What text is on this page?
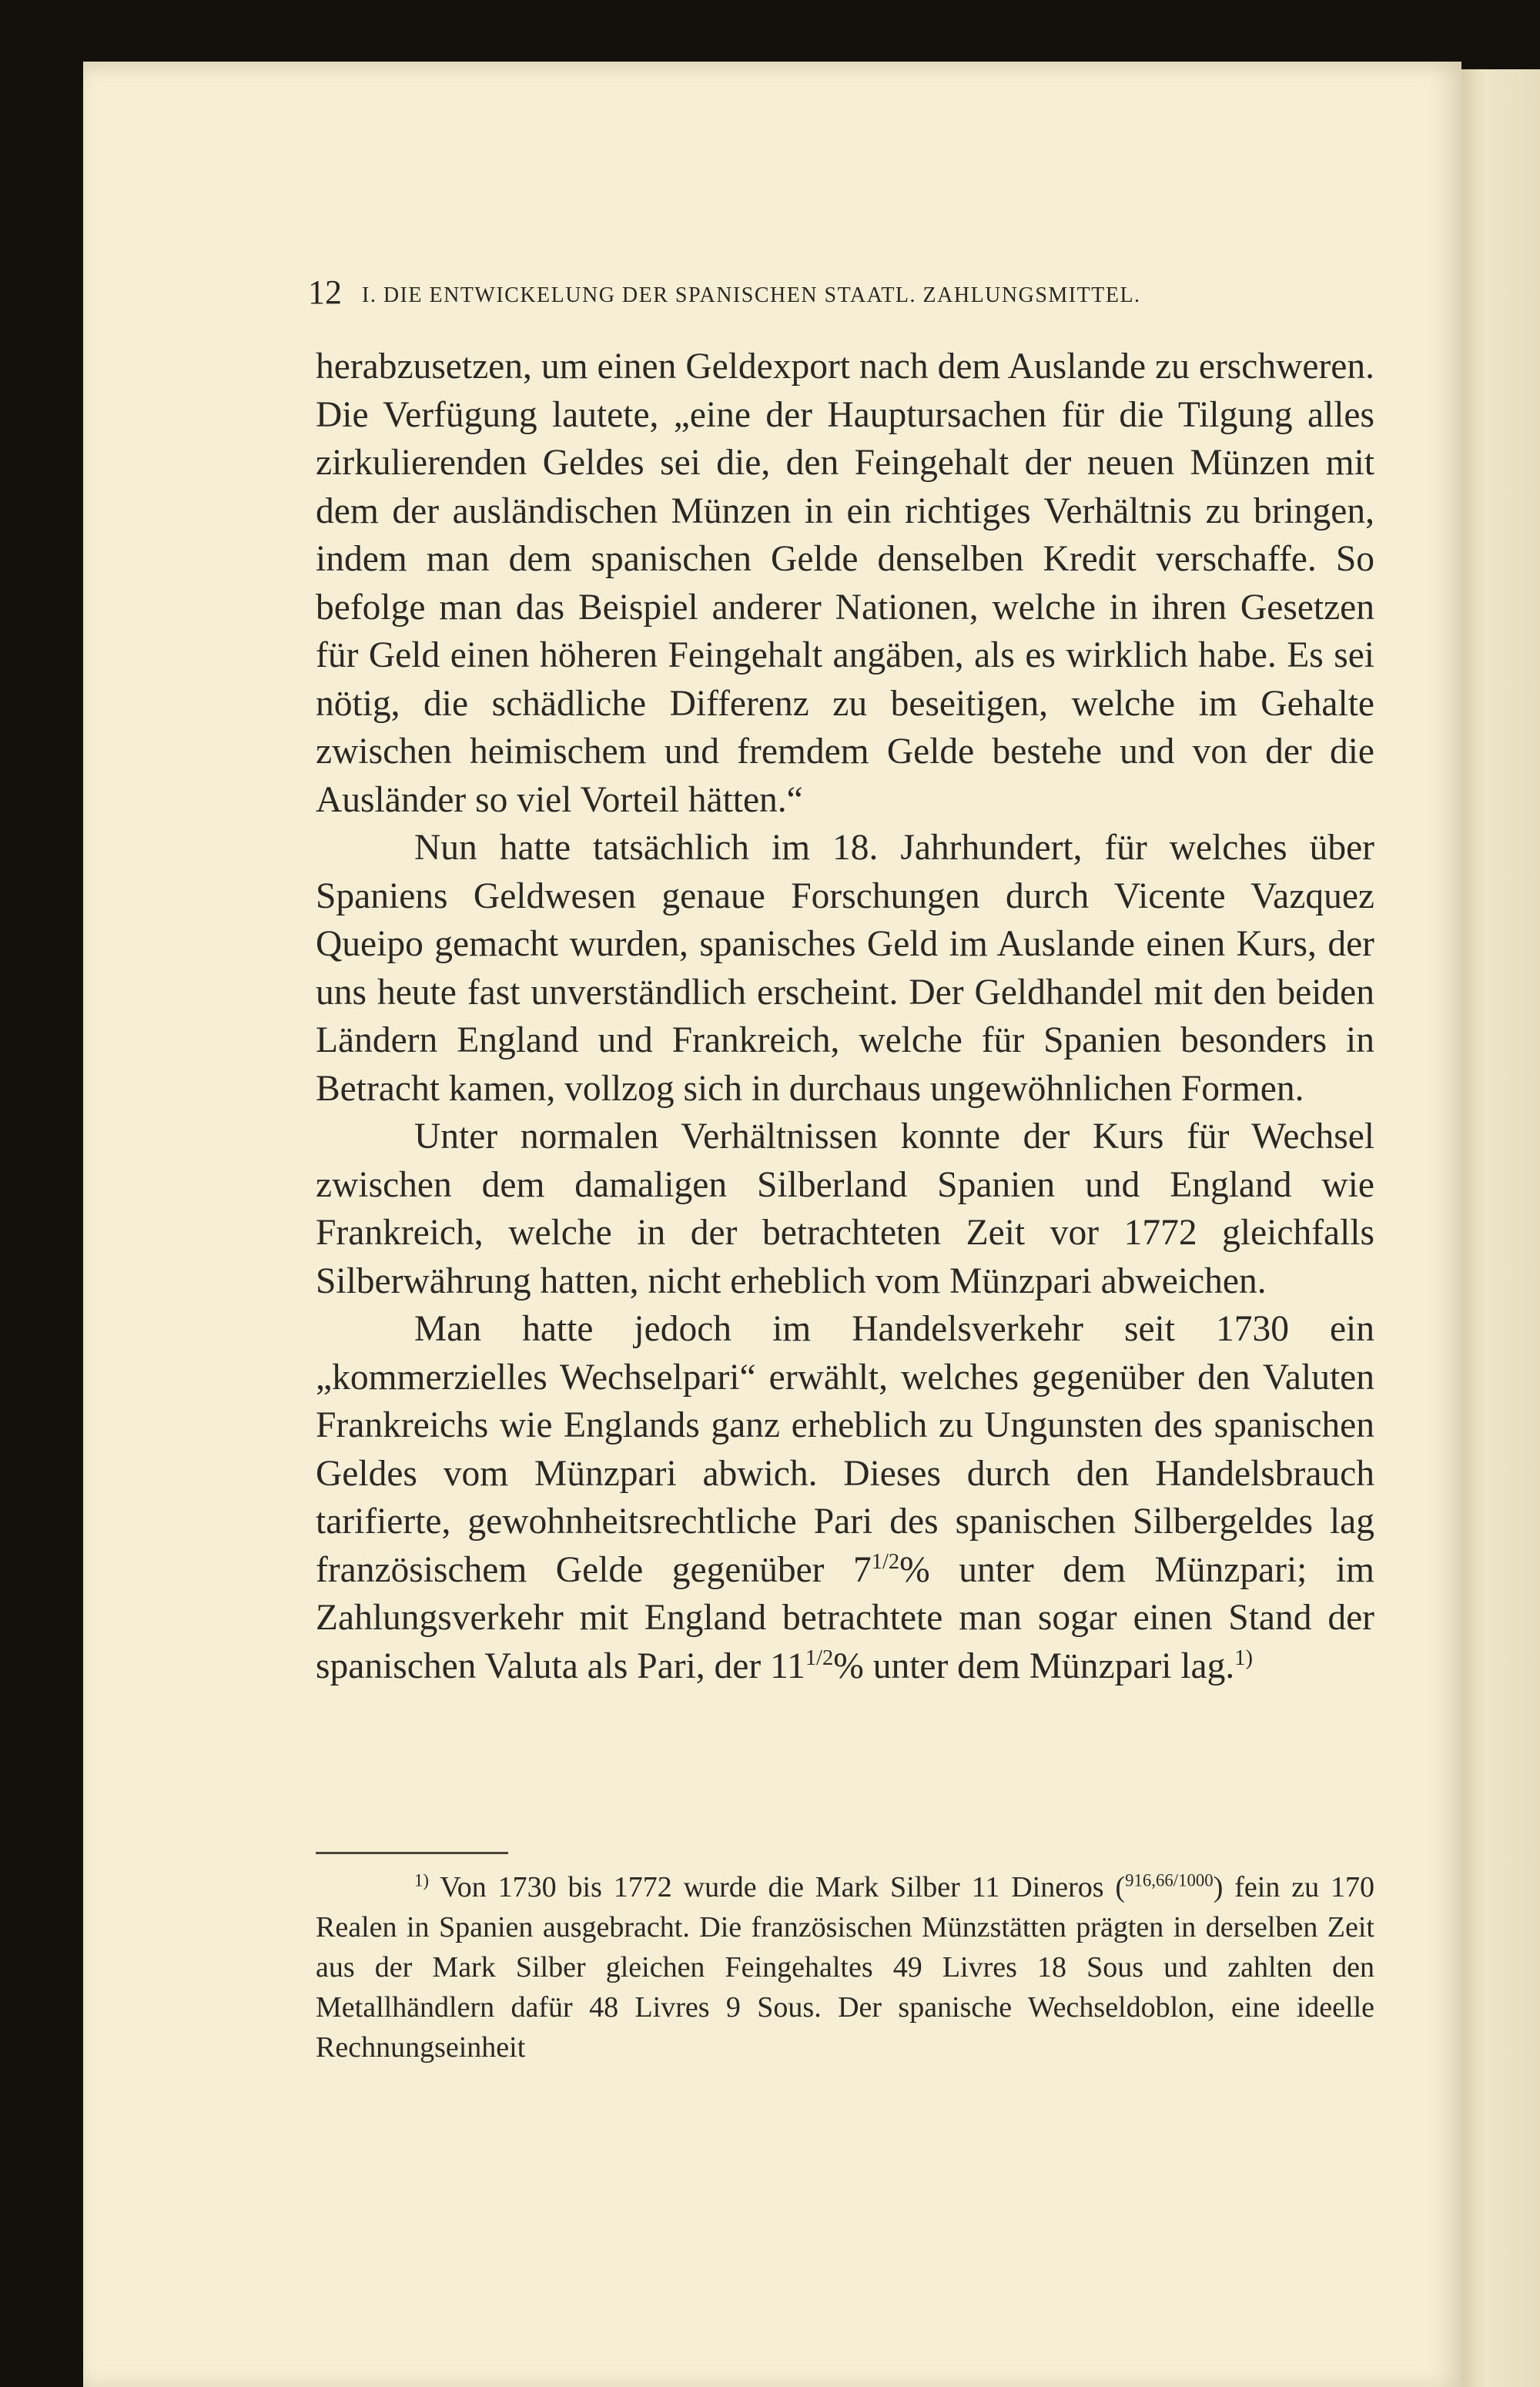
12 I. DIE ENTWICKELUNG DER SPANISCHEN STAATL. ZAHLUNGSMITTEL.

herabzusetzen, um einen Geldexport nach dem Auslande zu erschweren. Die Verfügung lautete, „eine der Hauptursachen für die Tilgung alles zirkulierenden Geldes sei die, den Feingehalt der neuen Münzen mit dem der ausländischen Münzen in ein richtiges Verhältnis zu bringen, indem man dem spanischen Gelde denselben Kredit verschaffe. So befolge man das Beispiel anderer Nationen, welche in ihren Gesetzen für Geld einen höheren Feingehalt angäben, als es wirklich habe. Es sei nötig, die schädliche Differenz zu beseitigen, welche im Gehalte zwischen heimischem und fremdem Gelde bestehe und von der die Ausländer so viel Vorteil hätten.“

Nun hatte tatsächlich im 18. Jahrhundert, für welches über Spaniens Geldwesen genaue Forschungen durch Vicente Vazquez Queipo gemacht wurden, spanisches Geld im Auslande einen Kurs, der uns heute fast unverständlich erscheint. Der Geldhandel mit den beiden Ländern England und Frankreich, welche für Spanien besonders in Betracht kamen, vollzog sich in durchaus ungewöhnlichen Formen.

Unter normalen Verhältnissen konnte der Kurs für Wechsel zwischen dem damaligen Silberland Spanien und England wie Frankreich, welche in der betrachteten Zeit vor 1772 gleichfalls Silberwährung hatten, nicht erheblich vom Münzpari abweichen.

Man hatte jedoch im Handelsverkehr seit 1730 ein „kommerzielles Wechselpari“ erwählt, welches gegenüber den Valuten Frankreichs wie Englands ganz erheblich zu Ungunsten des spanischen Geldes vom Münzpari abwich. Dieses durch den Handelsbrauch tarifierte, gewohnheitsrechtliche Pari des spanischen Silbergeldes lag französischem Gelde gegenüber $7^{1/2}\%$ unter dem Münzpari; im Zahlungsverkehr mit England betrachtete man sogar einen Stand der spanischen Valuta als Pari, der $11^{1/2}\%$ unter dem Münzpari lag.$^{1)}$

$^{1)}$ Von 1730 bis 1772 wurde die Mark Silber 11 Dineros ($^{916,66/1000}$) fein zu 170 Realen in Spanien ausgebracht. Die französischen Münzstätten prägten in derselben Zeit aus der Mark Silber gleichen Feingehaltes 49 Livres 18 Sous und zahlten den Metallhändlern dafür 48 Livres 9 Sous. Der spanische Wechseldoblon, eine ideelle Rechnungseinheit
